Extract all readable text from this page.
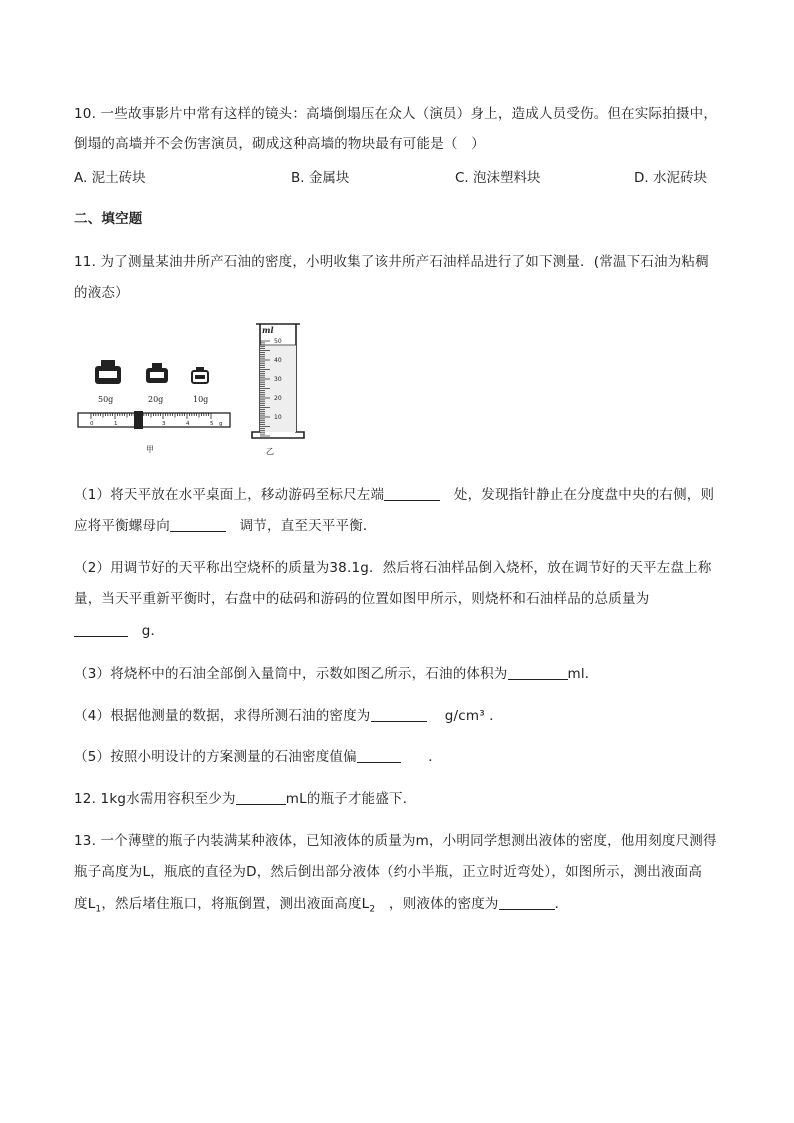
10. 一些故事影片中常有这样的镜头：高墙倒塌压在众人（演员）身上，造成人员受伤。但在实际拍摄中，
倒塌的高墙并不会伤害演员，砌成这种高墙的物块最有可能是（　）
A. 泥土砖块	B. 金属块	C. 泡沫塑料块	D. 水泥砖块
二、填空题
11. 为了测量某油井所产石油的密度，小明收集了该井所产石油样品进行了如下测量．(常温下石油为粘稠
的液态）
50g	20g	10g
0	1	2	3	4	5 g
甲
ml
50
40
30
20
10
乙
（1）将天平放在水平桌面上，移动游码至标尺左端　	处，发现指针静止在分度盘中央的右侧，则
应将平衡螺母向　	调节，直至天平平衡．
（2）用调节好的天平称出空烧杯的质量为38.1g．然后将石油样品倒入烧杯，放在调节好的天平左盘上称
量，当天平重新平衡时，右盘中的砝码和游码的位置如图甲所示，则烧杯和石油样品的总质量为
　g．
（3）将烧杯中的石油全部倒入量筒中，示数如图乙所示，石油的体积为	ml．
（4）根据他测量的数据，求得所测石油的密度为　	g/cm³ ．
（5）按照小明设计的方案测量的石油密度值偏　　	．
12. 1kg水需用容积至少为	mL的瓶子才能盛下．
13. 一个薄壁的瓶子内装满某种液体，已知液体的质量为m，小明同学想测出液体的密度，他用刻度尺测得
瓶子高度为L，瓶底的直径为D，然后倒出部分液体（约小半瓶，正立时近弯处），如图所示，测出液面高
度$L_1$，然后堵住瓶口，将瓶倒置，测出液面高度$L_2$　 ，则液体的密度为	．
